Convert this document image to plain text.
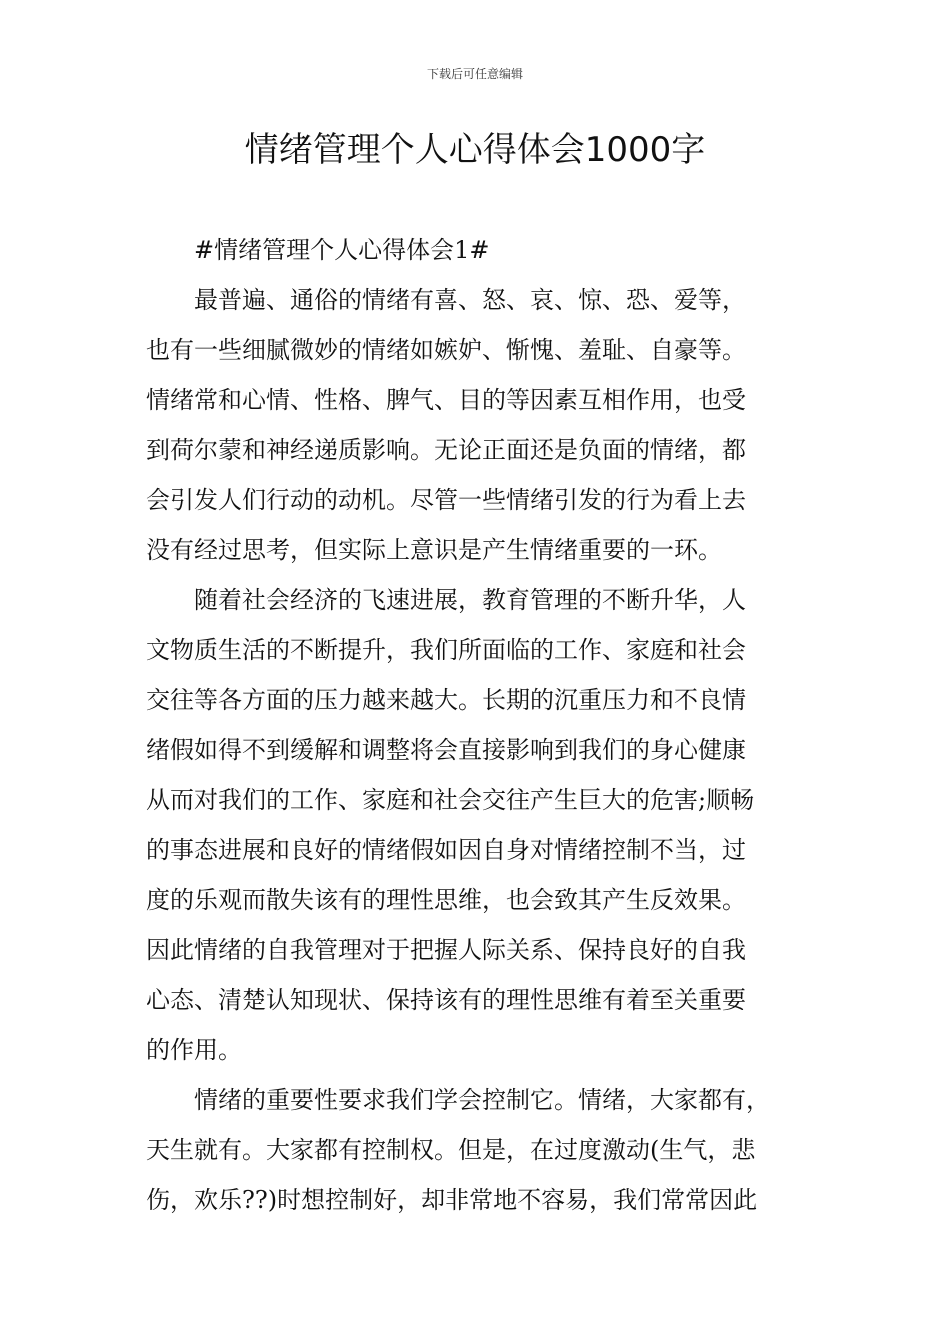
下载后可任意编辑
情绪管理个人心得体会1000字

#情绪管理个人心得体会1#

最普遍、通俗的情绪有喜、怒、哀、惊、恐、爱等，

也有一些细腻微妙的情绪如嫉妒、惭愧、羞耻、自豪等。

情绪常和心情、性格、脾气、目的等因素互相作用，也受

到荷尔蒙和神经递质影响。无论正面还是负面的情绪，都

会引发人们行动的动机。尽管一些情绪引发的行为看上去

没有经过思考，但实际上意识是产生情绪重要的一环。

随着社会经济的飞速进展，教育管理的不断升华，人

文物质生活的不断提升，我们所面临的工作、家庭和社会

交往等各方面的压力越来越大。长期的沉重压力和不良情

绪假如得不到缓解和调整将会直接影响到我们的身心健康

从而对我们的工作、家庭和社会交往产生巨大的危害;顺畅

的事态进展和良好的情绪假如因自身对情绪控制不当，过

度的乐观而散失该有的理性思维，也会致其产生反效果。

因此情绪的自我管理对于把握人际关系、保持良好的自我

心态、清楚认知现状、保持该有的理性思维有着至关重要

的作用。

情绪的重要性要求我们学会控制它。情绪，大家都有，

天生就有。大家都有控制权。但是，在过度激动(生气，悲

伤，欢乐??)时想控制好，却非常地不容易，我们常常因此
